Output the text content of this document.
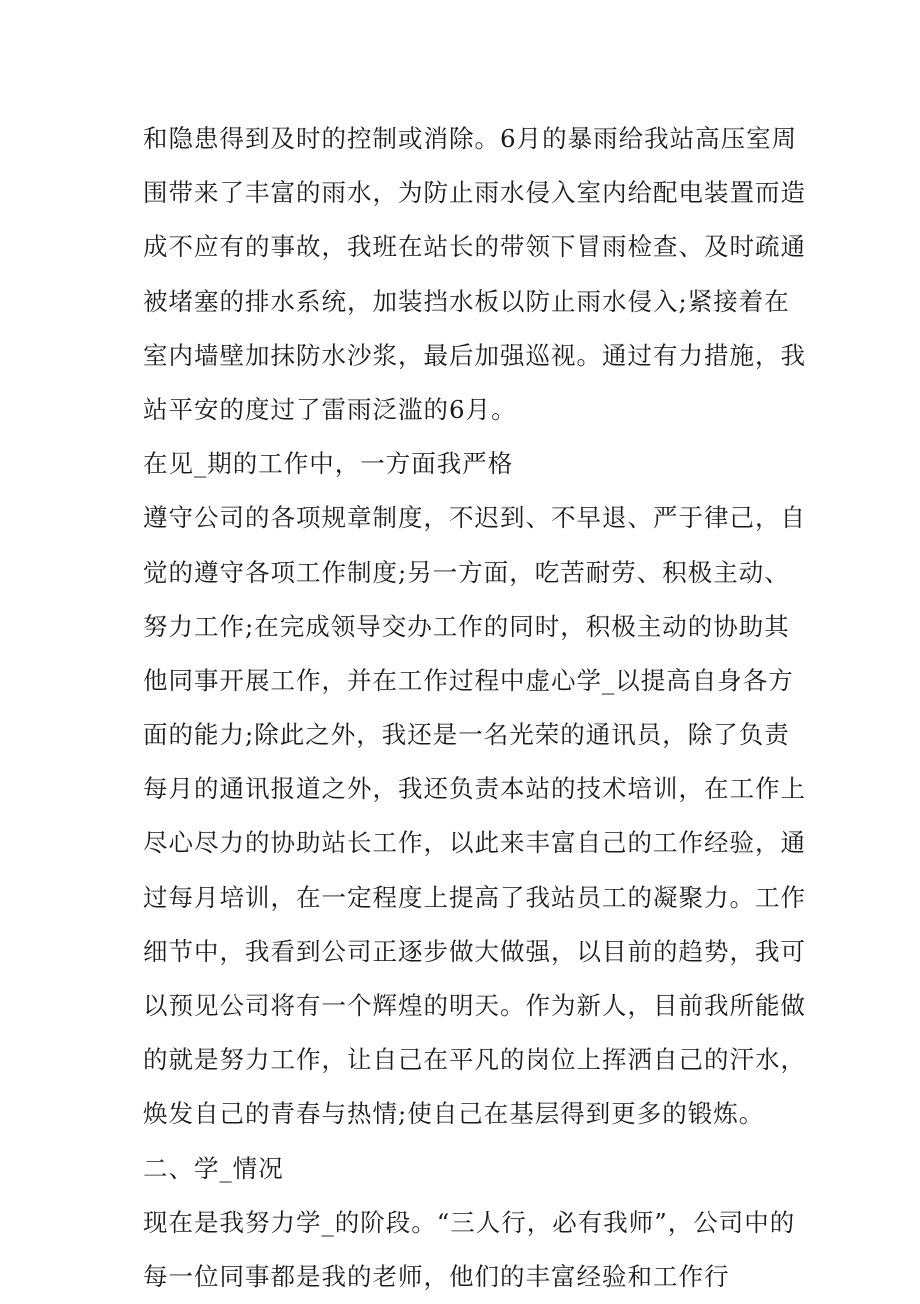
和隐患得到及时的控制或消除。6月的暴雨给我站高压室周
围带来了丰富的雨水，为防止雨水侵入室内给配电装置而造
成不应有的事故，我班在站长的带领下冒雨检查、及时疏通
被堵塞的排水系统，加装挡水板以防止雨水侵入;紧接着在
室内墙壁加抹防水沙浆，最后加强巡视。通过有力措施，我
站平安的度过了雷雨泛滥的6月。
在见_期的工作中，一方面我严格
遵守公司的各项规章制度，不迟到、不早退、严于律己，自
觉的遵守各项工作制度;另一方面，吃苦耐劳、积极主动、
努力工作;在完成领导交办工作的同时，积极主动的协助其
他同事开展工作，并在工作过程中虚心学_以提高自身各方
面的能力;除此之外，我还是一名光荣的通讯员，除了负责
每月的通讯报道之外，我还负责本站的技术培训，在工作上
尽心尽力的协助站长工作，以此来丰富自己的工作经验，通
过每月培训，在一定程度上提高了我站员工的凝聚力。工作
细节中，我看到公司正逐步做大做强，以目前的趋势，我可
以预见公司将有一个辉煌的明天。作为新人，目前我所能做
的就是努力工作，让自己在平凡的岗位上挥洒自己的汗水，
焕发自己的青春与热情;使自己在基层得到更多的锻炼。
二、学_情况
现在是我努力学_的阶段。“三人行，必有我师”，公司中的
每一位同事都是我的老师，他们的丰富经验和工作行
